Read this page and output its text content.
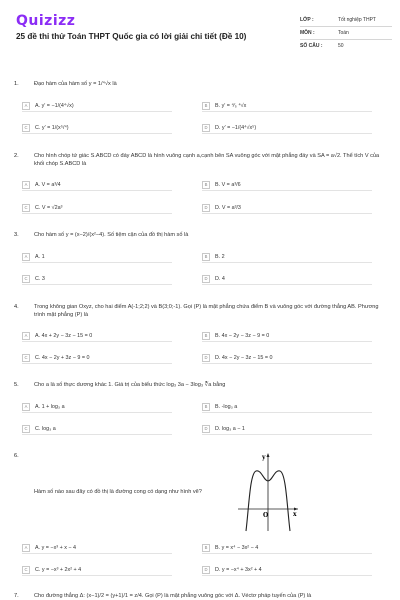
Quizizz
25 đề thi thử Toán THPT Quốc gia có lời giải chi tiết (Đề 10)
LỚP :	Tốt nghiệp THPT
MÔN :	Toán
SỐ CÂU :	50
1.	Đạo hàm của hàm số y = 1/⁴√x là
A	A. y′ = −1/(4⁴√x)	B	B. y′ = ⁴⁄₅ ⁴√x
C	C. y′ = 1/(x⁵/⁴)	D	D. y′ = −1/(4⁴√x⁵)
2.	Cho hình chóp tứ giác S.ABCD có đáy ABCD là hình vuông cạnh a,cạnh bên SA vuông góc với mặt phẳng đáy và SA = a√2. Thể tích V của khối chóp S.ABCD là
A	A. V = a³/4	B	B. V = a³/6
C	C. V = √2a³	D	D. V = a³/3
3.	Cho hàm số y = (x−2)/(x²−4). Số tiệm cận của đồ thị hàm số là
A	A. 1	B	B. 2
C	C. 3	D	D. 4
4.	Trong không gian Oxyz, cho hai điểm A(-1;2;2) và B(3;0;-1). Gọi (P) là mặt phẳng chứa điểm B và vuông góc với đường thẳng AB. Phương trình mặt phẳng (P) là
A	A. 4x + 2y − 3z − 15 = 0	B	B. 4x − 2y − 3z − 9 = 0
C	C. 4x − 2y + 3z − 9 = 0	D	D. 4x − 2y − 3z − 15 = 0
5.	Cho a là số thực dương khác 1. Giá trị của biểu thức log₃ 3a − 3log₃ ∛a bằng
A	A. 1 + log₃ a	B	B. -log₃ a
C	C. log₃ a	D	D. log₃ a − 1
6.
Hàm số nào sau đây có đồ thị là đường cong có dạng như hình vẽ?
y
x
O
A	A. y = −x³ + x − 4	B	B. y = x⁴ − 3x² − 4
C	C. y = −x³ + 2x² + 4	D	D. y = −x⁴ + 3x² + 4
7.	Cho đường thẳng Δ: (x−1)/2 = (y+1)/1 = z/4. Gọi (P) là mặt phẳng vuông góc với Δ. Véctơ pháp tuyến của (P) là
